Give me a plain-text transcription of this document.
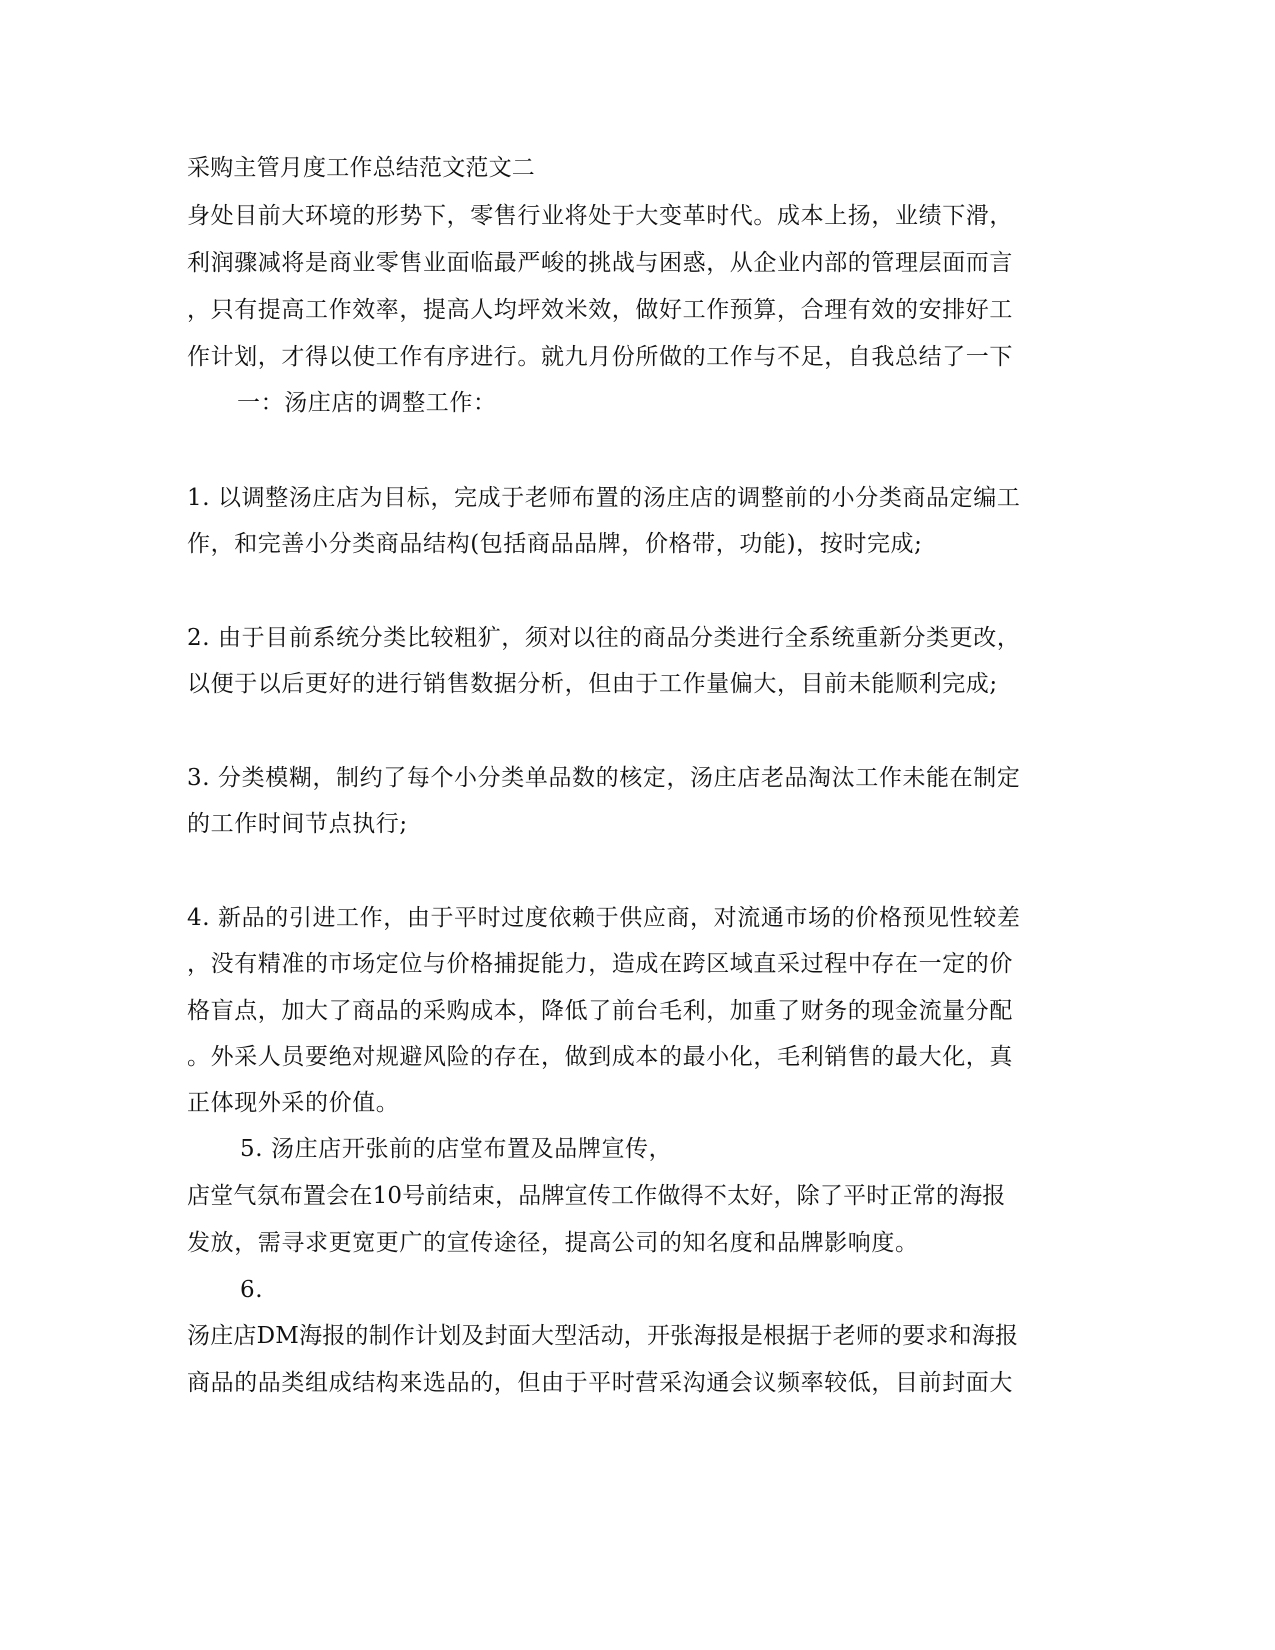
采购主管月度工作总结范文范文二
身处目前大环境的形势下，零售行业将处于大变革时代。成本上扬，业绩下滑，
利润骤减将是商业零售业面临最严峻的挑战与困惑，从企业内部的管理层面而言
，只有提高工作效率，提高人均坪效米效，做好工作预算，合理有效的安排好工
作计划，才得以使工作有序进行。就九月份所做的工作与不足，自我总结了一下
一：汤庄店的调整工作：
1. 以调整汤庄店为目标，完成于老师布置的汤庄店的调整前的小分类商品定编工
作，和完善小分类商品结构(包括商品品牌，价格带，功能)，按时完成;
2. 由于目前系统分类比较粗犷，须对以往的商品分类进行全系统重新分类更改，
以便于以后更好的进行销售数据分析，但由于工作量偏大，目前未能顺利完成;
3. 分类模糊，制约了每个小分类单品数的核定，汤庄店老品淘汰工作未能在制定
的工作时间节点执行;
4. 新品的引进工作，由于平时过度依赖于供应商，对流通市场的价格预见性较差
，没有精准的市场定位与价格捕捉能力，造成在跨区域直采过程中存在一定的价
格盲点，加大了商品的采购成本，降低了前台毛利，加重了财务的现金流量分配
。外采人员要绝对规避风险的存在，做到成本的最小化，毛利销售的最大化，真
正体现外采的价值。
5. 汤庄店开张前的店堂布置及品牌宣传，
店堂气氛布置会在10号前结束，品牌宣传工作做得不太好，除了平时正常的海报
发放，需寻求更宽更广的宣传途径，提高公司的知名度和品牌影响度。
6.
汤庄店DM海报的制作计划及封面大型活动，开张海报是根据于老师的要求和海报
商品的品类组成结构来选品的，但由于平时营采沟通会议频率较低，目前封面大
